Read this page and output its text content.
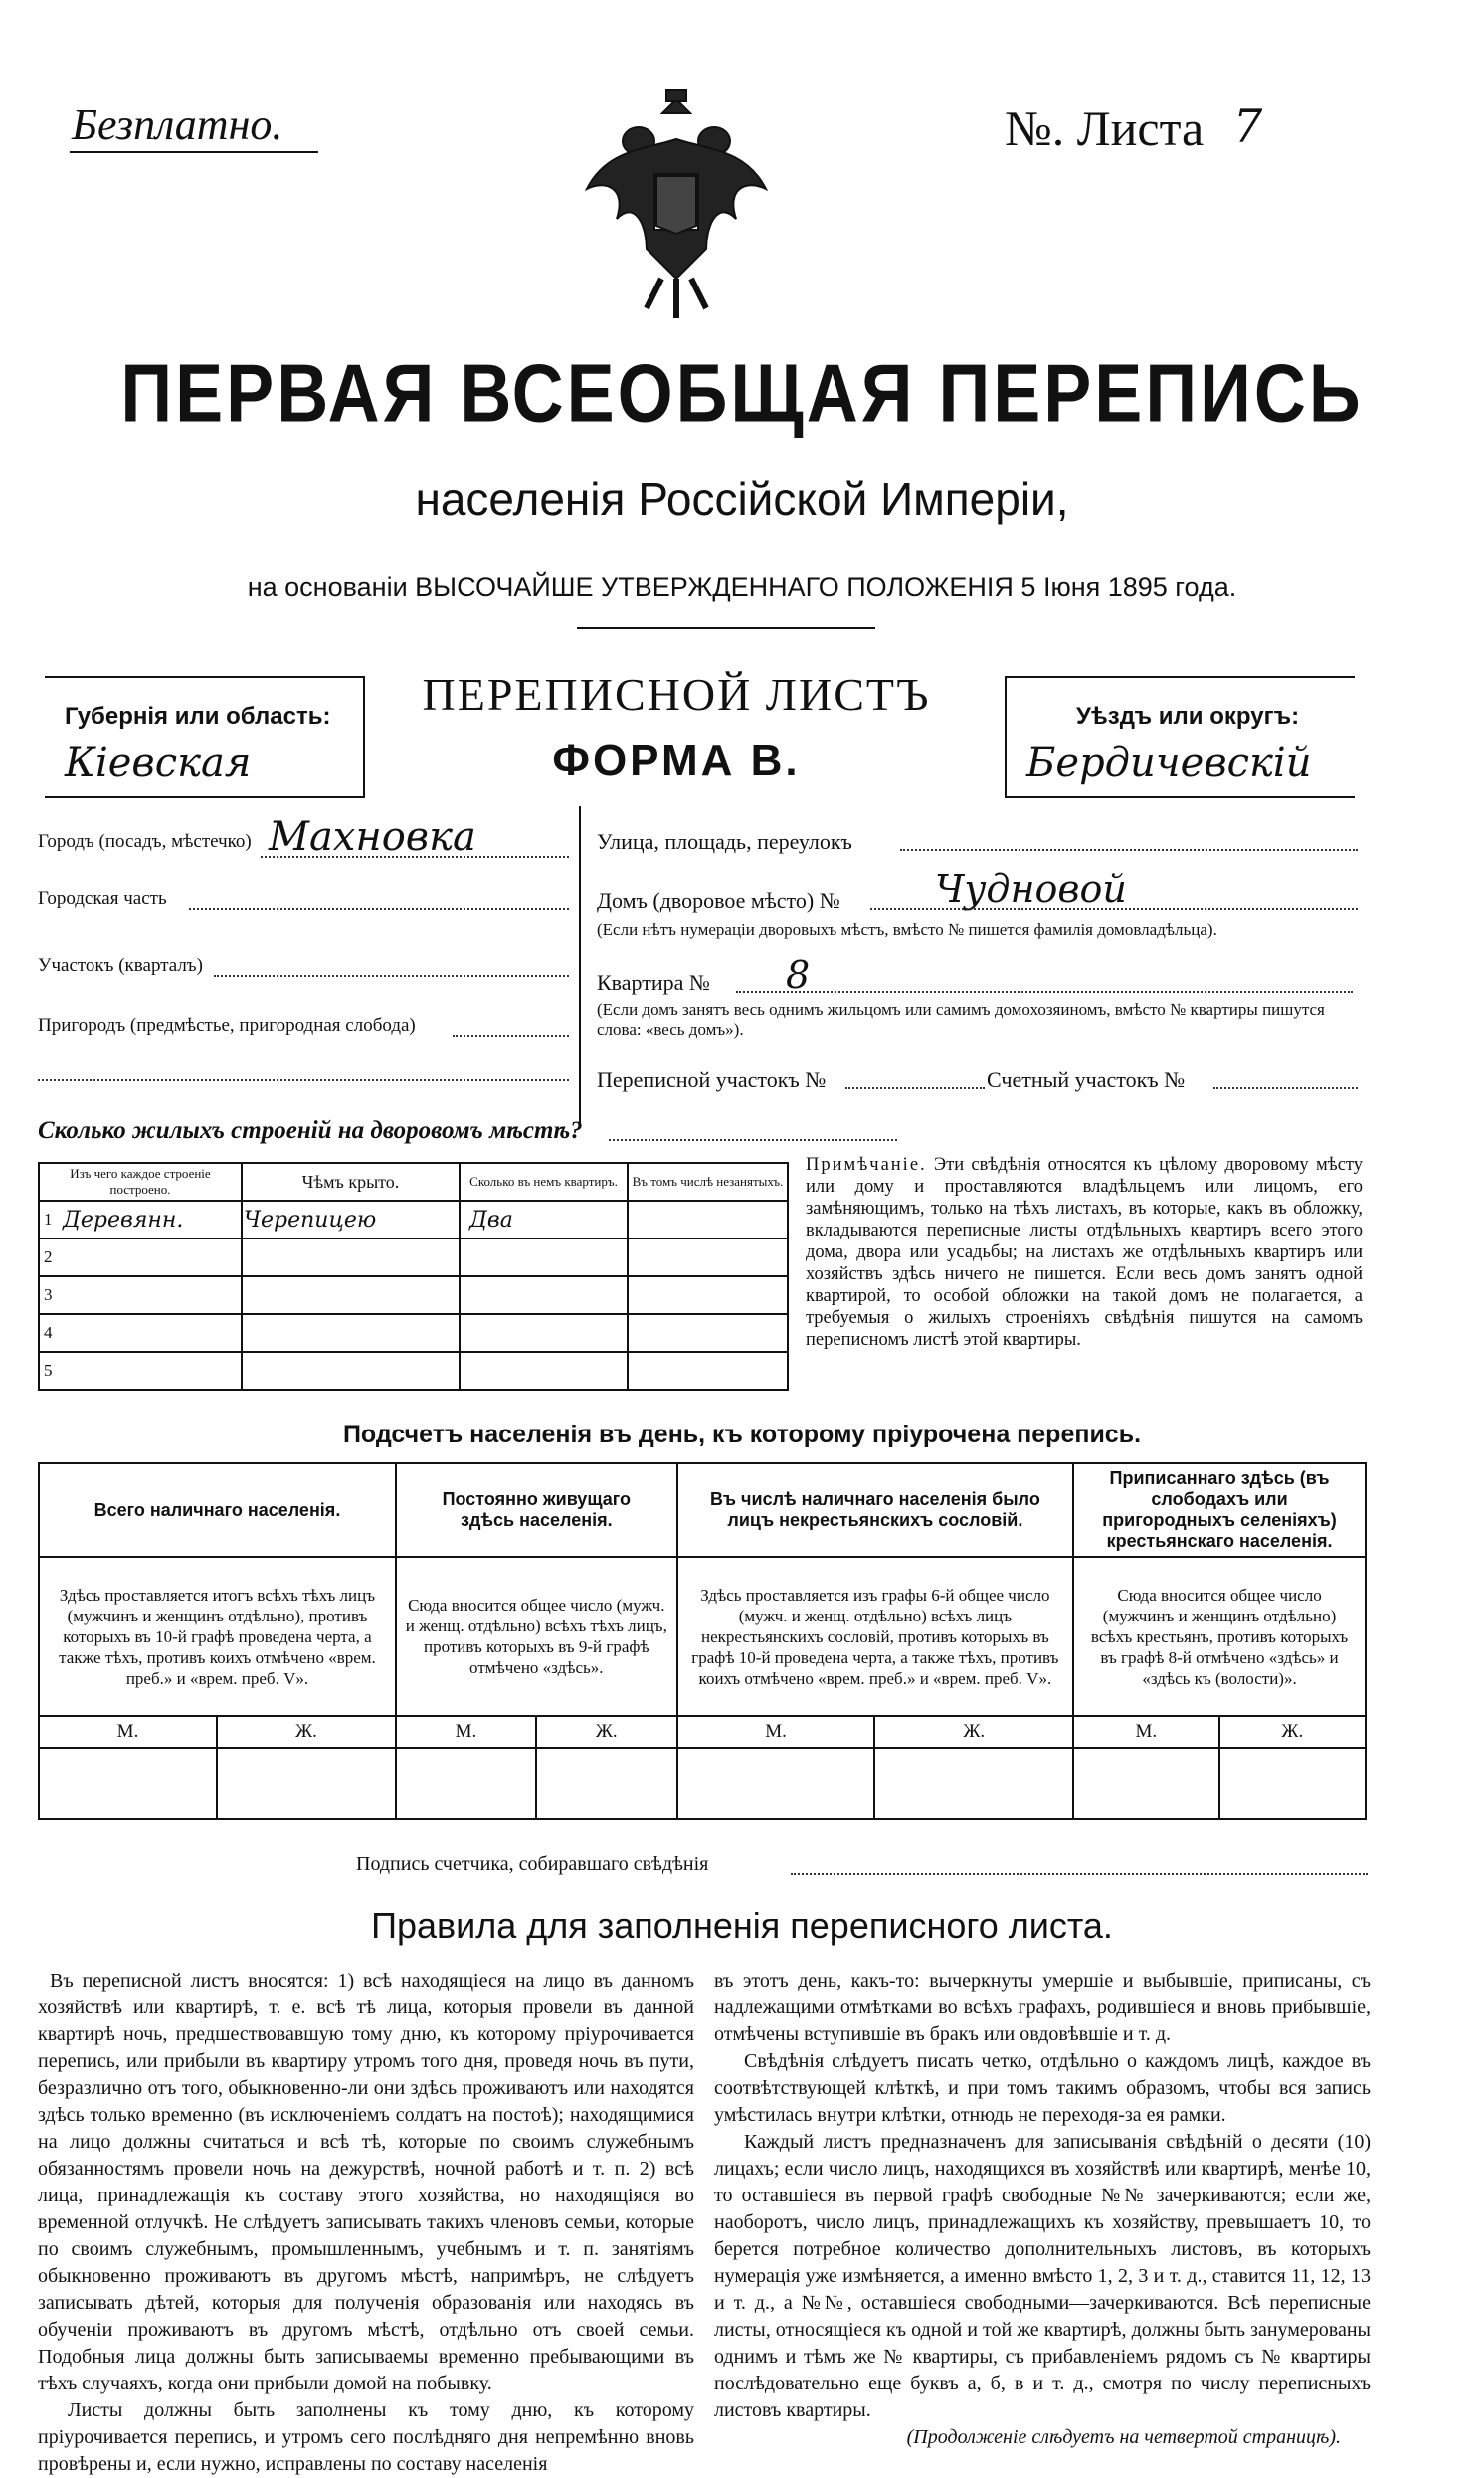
Безплатно.	№. Листа 7
ПЕРВАЯ ВСЕОБЩАЯ ПЕРЕПИСЬ
населенія Россійской Имперіи,
на основаніи ВЫСОЧАЙШЕ УТВЕРЖДЕННАГО ПОЛОЖЕНІЯ 5 Іюня 1895 года.
Губернія или область:
Кіевская
ПЕРЕПИСНОЙ ЛИСТЪ
ФОРМА В.
Уѣздъ или округъ:
Бердичевскій
Городъ (посадъ, мѣстечко) Махновка
Городская часть
Участокъ (кварталъ)
Пригородъ (предмѣстье, пригородная слобода)
Улица, площадь, переулокъ
Домъ (дворовое мѣсто) №	Чудновой
(Если нѣтъ нумераціи дворовыхъ мѣстъ, вмѣсто № пишется фамилія домовладѣльца).
Квартира № 8
(Если домъ занятъ весь однимъ жильцомъ или самимъ домохозяиномъ, вмѣсто № квартиры пишутся слова: «весь домъ»).
Переписной участокъ №	Счетный участокъ №
Сколько жилыхъ строеній на дворовомъ мѣстѣ?
Изъ чего каждое строеніе построено.	Чѣмъ крыто.	Сколько въ немъ квартиръ.	Въ томъ числѣ незанятыхъ.

1 Деревянн.	Черепицею	Два	
2			
3			
4			
5			
Примѣчаніе. Эти свѣдѣнія относятся къ цѣлому дворовому мѣсту или дому и проставляются владѣльцемъ или лицомъ, его замѣняющимъ, только на тѣхъ листахъ, въ которые, какъ въ обложку, вкладываются переписные листы отдѣльныхъ квартиръ всего этого дома, двора или усадьбы; на листахъ же отдѣльныхъ квартиръ или хозяйствъ здѣсь ничего не пишется. Если весь домъ занятъ одной квартирой, то особой обложки на такой домъ не полагается, а требуемыя о жилыхъ строеніяхъ свѣдѣнія пишутся на самомъ переписномъ листѣ этой квартиры.
Подсчетъ населенія въ день, къ которому пріурочена перепись.
Всего наличнаго населенія.		Постоянно живущаго здѣсь населенія.		Въ числѣ наличнаго населенія было лицъ некрестьянскихъ сословій.		Приписаннаго здѣсь (въ слободахъ или пригородныхъ селеніяхъ) крестьянскаго населенія.	
Здѣсь проставляется итогъ всѣхъ тѣхъ лицъ (мужчинъ и женщинъ отдѣльно), противъ которыхъ въ 10-й графѣ проведена черта, а также тѣхъ, противъ коихъ отмѣчено «врем. преб.» и «врем. преб. V».		Сюда вносится общее число (мужч. и женщ. отдѣльно) всѣхъ тѣхъ лицъ, противъ которыхъ въ 9-й графѣ отмѣчено «здѣсь».		Здѣсь проставляется изъ графы 6-й общее число (мужч. и женщ. отдѣльно) всѣхъ лицъ некрестьянскихъ сословій, противъ которыхъ въ графѣ 10-й проведена черта, а также тѣхъ, противъ коихъ отмѣчено «врем. преб.» и «врем. преб. V».		Сюда вносится общее число (мужчинъ и женщинъ отдѣльно) всѣхъ крестьянъ, противъ которыхъ въ графѣ 8-й отмѣчено «здѣсь» и «здѣсь къ (волости)».	
М.	Ж.	М.	Ж.	М.	Ж.	М.	Ж.

Подпись счетчика, собиравшаго свѣдѣнія
Правила для заполненія переписного листа.
Въ переписной листъ вносятся: 1) всѣ находящіеся на лицо въ данномъ хозяйствѣ или квартирѣ, т. е. всѣ тѣ лица, которыя провели въ данной квартирѣ ночь, предшествовавшую тому дню, къ которому пріурочивается перепись, или прибыли въ квартиру утромъ того дня, проведя ночь въ пути, безразлично отъ того, обыкновенно-ли они здѣсь проживаютъ или находятся здѣсь только временно (въ исключеніемъ солдатъ на постоѣ); находящимися на лицо должны считаться и всѣ тѣ, которые по своимъ служебнымъ обязанностямъ провели ночь на дежурствѣ, ночной работѣ и т. п. 2) всѣ лица, принадлежащія къ составу этого хозяйства, но находящіяся во временной отлучкѣ. Не слѣдуетъ записывать такихъ членовъ семьи, которые по своимъ служебнымъ, промышленнымъ, учебнымъ и т. п. занятіямъ обыкновенно проживаютъ въ другомъ мѣстѣ, напримѣръ, не слѣдуетъ записывать дѣтей, которыя для полученія образованія или находясь въ обученіи проживаютъ въ другомъ мѣстѣ, отдѣльно отъ своей семьи. Подобныя лица должны быть записываемы временно пребывающими въ тѣхъ случаяхъ, когда они прибыли домой на побывку.
Листы должны быть заполнены къ тому дню, къ которому пріурочивается перепись, и утромъ сего послѣдняго дня непремѣнно вновь провѣрены и, если нужно, исправлены по составу населенія
въ этотъ день, какъ-то: вычеркнуты умершіе и выбывшіе, приписаны, съ надлежащими отмѣтками во всѣхъ графахъ, родившіеся и вновь прибывшіе, отмѣчены вступившіе въ бракъ или овдовѣвшіе и т. д.
Свѣдѣнія слѣдуетъ писать четко, отдѣльно о каждомъ лицѣ, каждое въ соотвѣтствующей клѣткѣ, и при томъ такимъ образомъ, чтобы вся запись умѣстилась внутри клѣтки, отнюдь не переходя-за ея рамки.
Каждый листъ предназначенъ для записыванія свѣдѣній о десяти (10) лицахъ; если число лицъ, находящихся въ хозяйствѣ или квартирѣ, менѣе 10, то оставшіеся въ первой графѣ свободные №№ зачеркиваются; если же, наоборотъ, число лицъ, принадлежащихъ къ хозяйству, превышаетъ 10, то берется потребное количество дополнительныхъ листовъ, въ которыхъ нумерація уже измѣняется, а именно вмѣсто 1, 2, 3 и т. д., ставится 11, 12, 13 и т. д., а №№, оставшіеся свободными—зачеркиваются. Всѣ переписные листы, относящіеся къ одной и той же квартирѣ, должны быть занумерованы однимъ и тѣмъ же № квартиры, съ прибавленіемъ рядомъ съ № квартиры послѣдовательно еще буквъ а, б, в и т. д., смотря по числу переписныхъ листовъ квартиры.
(Продолженіе слѣдуетъ на четвертой страницѣ).
